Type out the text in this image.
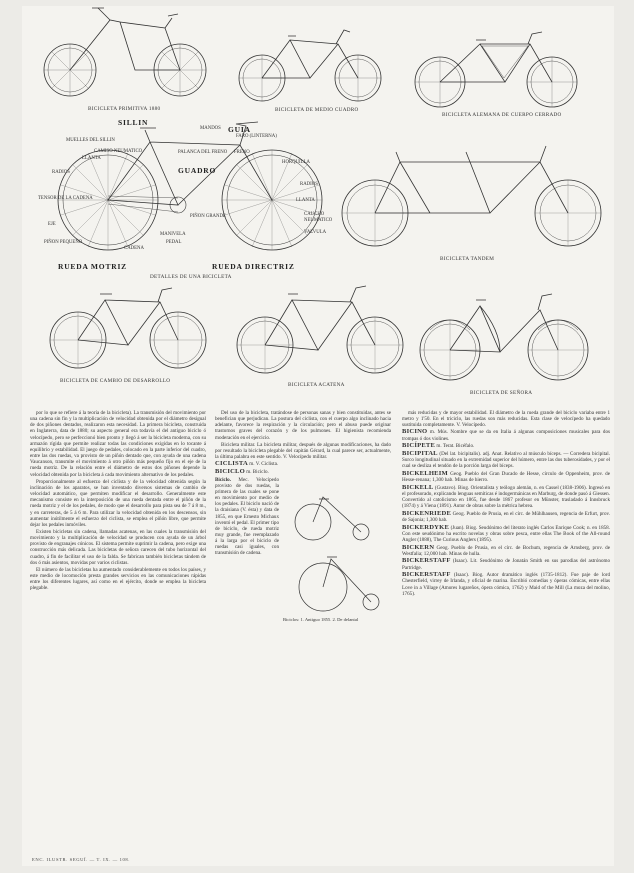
BICICLETA PRIMITIVA 1880	BICICLETA DE MEDIO CUADRO
BICICLETA ALEMANA DE CUERPO CERRADO
BICICLETA TANDEM
DETALLES DE UNA BICICLETA
BICICLETA DE CAMBIO DE DESARROLLO
BICICLETA ACATENA
BICICLETA DE SEÑORA
SILLIN
GUIA
GUADRO
RUEDA MOTRIZ	RUEDA DIRECTRIZ
MANDOS
FARO (LINTERNA)
MUELLES DEL SILLIN
PALANCA DEL FRENO FRENO
LLANTA
CAMISO NEUMATICO
HORQUILLA
RADIOS
TENSOR DE LA CADENA
EJE
PIÑON PEQUEÑO
CADENA
PIÑON GRANDE
MANIVELA
PEDAL
LLANTA
CAUCHO
NEUMATICO
VALVULA
RADIOS

por lo que se refiere á la teoría de la bicicleta). La transmisión del movimiento por una cadena sin fin y la multiplicación de velocidad obtenida por el diámetro desigual de dos piñones dentados, realizaron esta necesidad. La primera bicicleta, construida en Inglaterra, data de 1880; su aspecto general era todavía el del antiguo biciclo ó velocípedo, pero se perfeccionó bien pronto y llegó á ser la bicicleta moderna, con su armazón rígida que permite realizar todas las condiciones exigidas en lo tocante á equilibrio y estabilidad. El juego de pedales, colocado en la parte inferior del cuadro, entre las dos ruedas, va provisto de un piñón dentado que, con ayuda de una cadena Vaucanson, transmite el movimiento á otro piñón más pequeño fijo en el eje de la rueda motriz. De la relación entre el diámetro de estos dos piñones depende la velocidad obtenida por la bicicleta á cada movimiento alternativo de los pedales.

Proporcionalmente al esfuerzo del ciclista y de la velocidad obtenida según la inclinación de los aparatos, se han inventado diversos sistemas de cambio de velocidad automático, que permiten modificar el desarrollo. Generalmente este mecanismo consiste en la interposición de una rueda dentada entre el piñón de la rueda motriz y el de los pedales, de modo que el desarrollo para pista sea de 7 á 8 m., y en carreteras, de 5 á 6 m. Para utilizar la velocidad obtenida en los descensos, sin aumentar inútilmente el esfuerzo del ciclista, se emplea el piñón libre, que permite dejar los pedales inmóviles.

Existen bicicletas sin cadena, llamadas acatenas, en las cuales la transmisión del movimiento y la multiplicación de velocidad se producen con ayuda de un árbol provisto de engranajes cónicos. El sistema permite suprimir la cadena, pero exige una construcción más delicada. Las bicicletas de señora carecen del tubo horizontal del cuadro, á fin de facilitar el uso de la falda. Se fabrican también bicicletas tándem de dos ó más asientos, movidas por varios ciclistas.

El número de las bicicletas ha aumentado considerablemente en todos los países, y este medio de locomoción presta grandes servicios en las comunicaciones rápidas entre los diferentes lugares, así como en el ejército, donde se emplea la bicicleta plegable.

Del uso de la bicicleta, tratándose de personas sanas y bien constituidas, antes se benefician que perjudican. La postura del ciclista, con el cuerpo algo inclinado hacia adelante, favorece la respiración y la circulación; pero el abuso puede originar trastornos graves del corazón y de los pulmones. El higienista recomienda moderación en el ejercicio.

Bicicleta militar. La bicicleta militar, después de algunas modificaciones, ha dado por resultado la bicicleta plegable del capitán Gérard, la cual parece ser, actualmente, la última palabra en este sentido. V. Velocípedo militar.

CICLISTA m. V. Ciclista.
BICICLO m. Biciclo.
Biciclo. Mec. Velocípedo provisto de dos ruedas, la primera de las cuales se pone en movimiento por medio de los pedales. El biciclo nació de la draisiana (V. ésta) y data de 1855, en que Ernesto Michaux inventó el pedal. El primer tipo de biciclo, de rueda motriz muy grande, fue reemplazado á la larga por el biciclo de ruedas casi iguales, con transmisión de cadena.
Biciclos: 1. Antiguo 1855. 2. De delantal

más reducidas y de mayor estabilidad. El diámetro de la rueda grande del biciclo variaba entre 1 metro y 1'50. En el triciclo, las ruedas son más reducidas. Esta clase de velocípedo ha quedado sustituida completamente. V. Velocípedo.

BICINO m. Mús. Nombre que se da en Italia á algunas composiciones musicales para dos trompas ó dos violines.
BICÍPETE m. Terat. Bicéfalo.
BICIPITAL (Del lat. bicipitalis). adj. Anat. Relativo al músculo bíceps. — Corredera bicipital. Surco longitudinal situado en la extremidad superior del húmero, entre las dos tuberosidades, y por el cual se desliza el tendón de la porción larga del bíceps.
BICKELHEIM Geog. Pueblo del Gran Ducado de Hesse, círculo de Oppenheim, prov. de Hesse-renana; 1,300 hab. Minas de hierro.
BICKELL (Gustavo). Biog. Orientalista y teólogo alemán, n. en Cassel (1838-1906). Ingresó en el profesorado, explicando lenguas semíticas é indogermánicas en Marburg, de donde pasó á Giessen. Convertido al catolicismo en 1865, fue desde 1867 profesor en Münster, trasladado á Innsbruck (1874) y á Viena (1891). Autor de obras sobre la métrica hebrea.
BICKENRIEDE Geog. Pueblo de Prusia, en el círc. de Mühlhausen, regencia de Erfurt, prov. de Sajonia; 1,300 hab.
BICKERDYKE (Juan). Biog. Seudónimo del literato inglés Carlos Enrique Cook; n. en 1858. Con este seudónimo ha escrito novelas y obras sobre pesca, entre ellas The Book of the All-round Angler (1888), The Curious Anglers (1895).
BICKERN Geog. Pueblo de Prusia, en el círc. de Bochum, regencia de Arnsberg, prov. de Westfalia; 12,000 hab. Minas de hulla.
BICKERSTAFF (Isaac). Lit. Seudónimo de Jonatán Smith en sus parodias del astrónomo Partridge.
BICKERSTAFF (Isaac). Biog. Autor dramático inglés (1735-1812). Fue paje de lord Chesterfield, virrey de Irlanda, y oficial de marina. Escribió comedias y óperas cómicas, entre ellas Love in a Village (Amores lugareños, ópera cómica, 1762) y Maid of the Mill (La moza del molino, 1765).
ENC. ILUSTR. SEGUÍ. — T. IX. — 108.
